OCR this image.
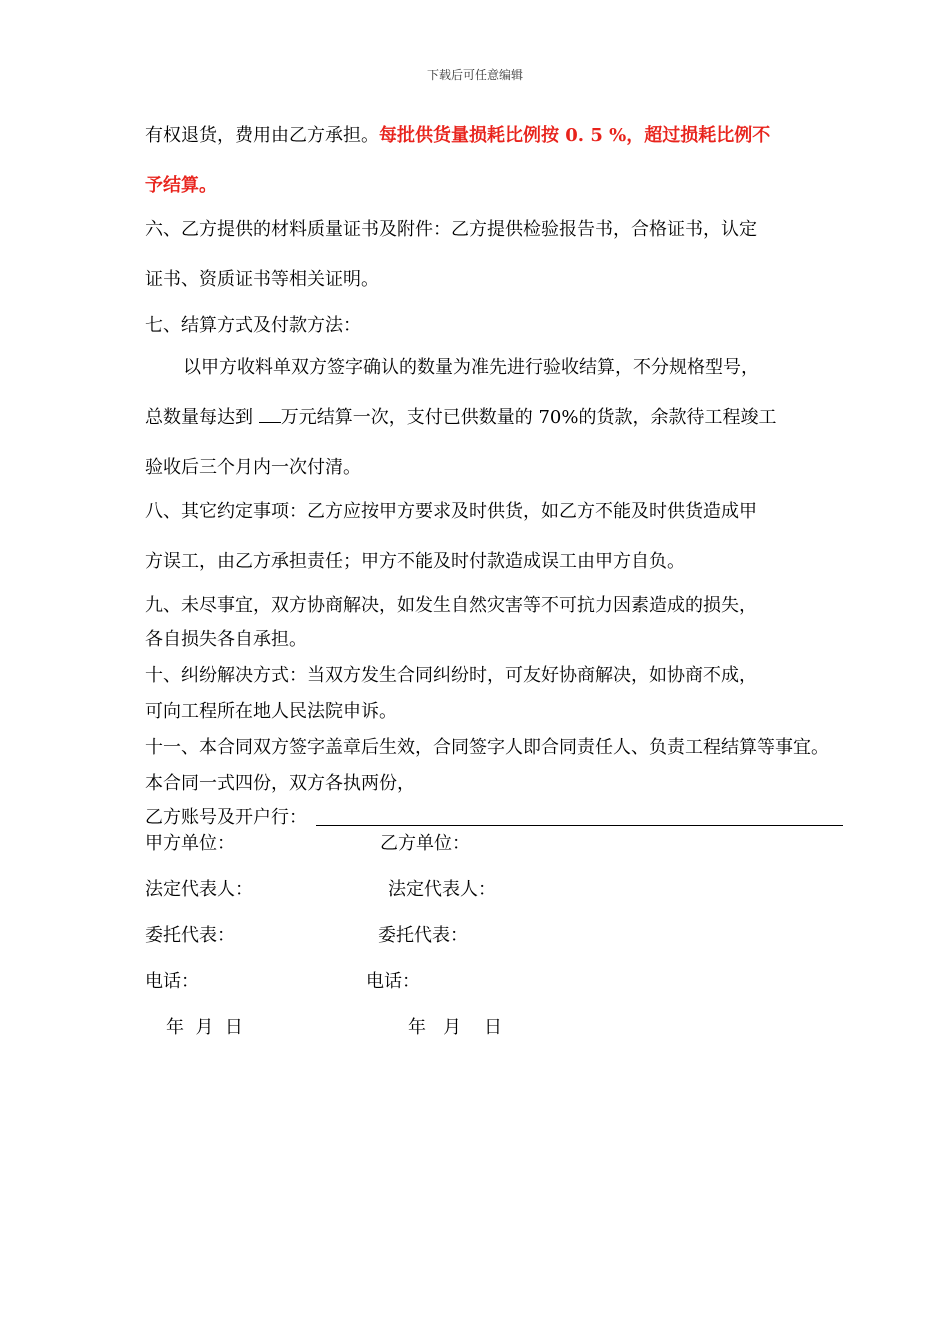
下载后可任意编辑
有权退货，费用由乙方承担。每批供货量损耗比例按 0. 5 %，超过损耗比例不
予结算。
六、乙方提供的材料质量证书及附件：乙方提供检验报告书，合格证书，认定
证书、资质证书等相关证明。
七、结算方式及付款方法：
以甲方收料单双方签字确认的数量为准先进行验收结算，不分规格型号，
总数量每达到 万元结算一次，支付已供数量的 70%的货款，余款待工程竣工
验收后三个月内一次付清。
八、其它约定事项：乙方应按甲方要求及时供货，如乙方不能及时供货造成甲
方误工，由乙方承担责任；甲方不能及时付款造成误工由甲方自负。
九、未尽事宜，双方协商解决，如发生自然灾害等不可抗力因素造成的损失，
各自损失各自承担。
十、纠纷解决方式：当双方发生合同纠纷时，可友好协商解决，如协商不成，
可向工程所在地人民法院申诉。
十一、本合同双方签字盖章后生效，合同签字人即合同责任人、负责工程结算等事宜。
本合同一式四份，双方各执两份，
乙方账号及开户行：
甲方单位：	乙方单位：
法定代表人：	法定代表人：
委托代表：	委托代表：
电话：	电话：
年  月  日	年   月    日
